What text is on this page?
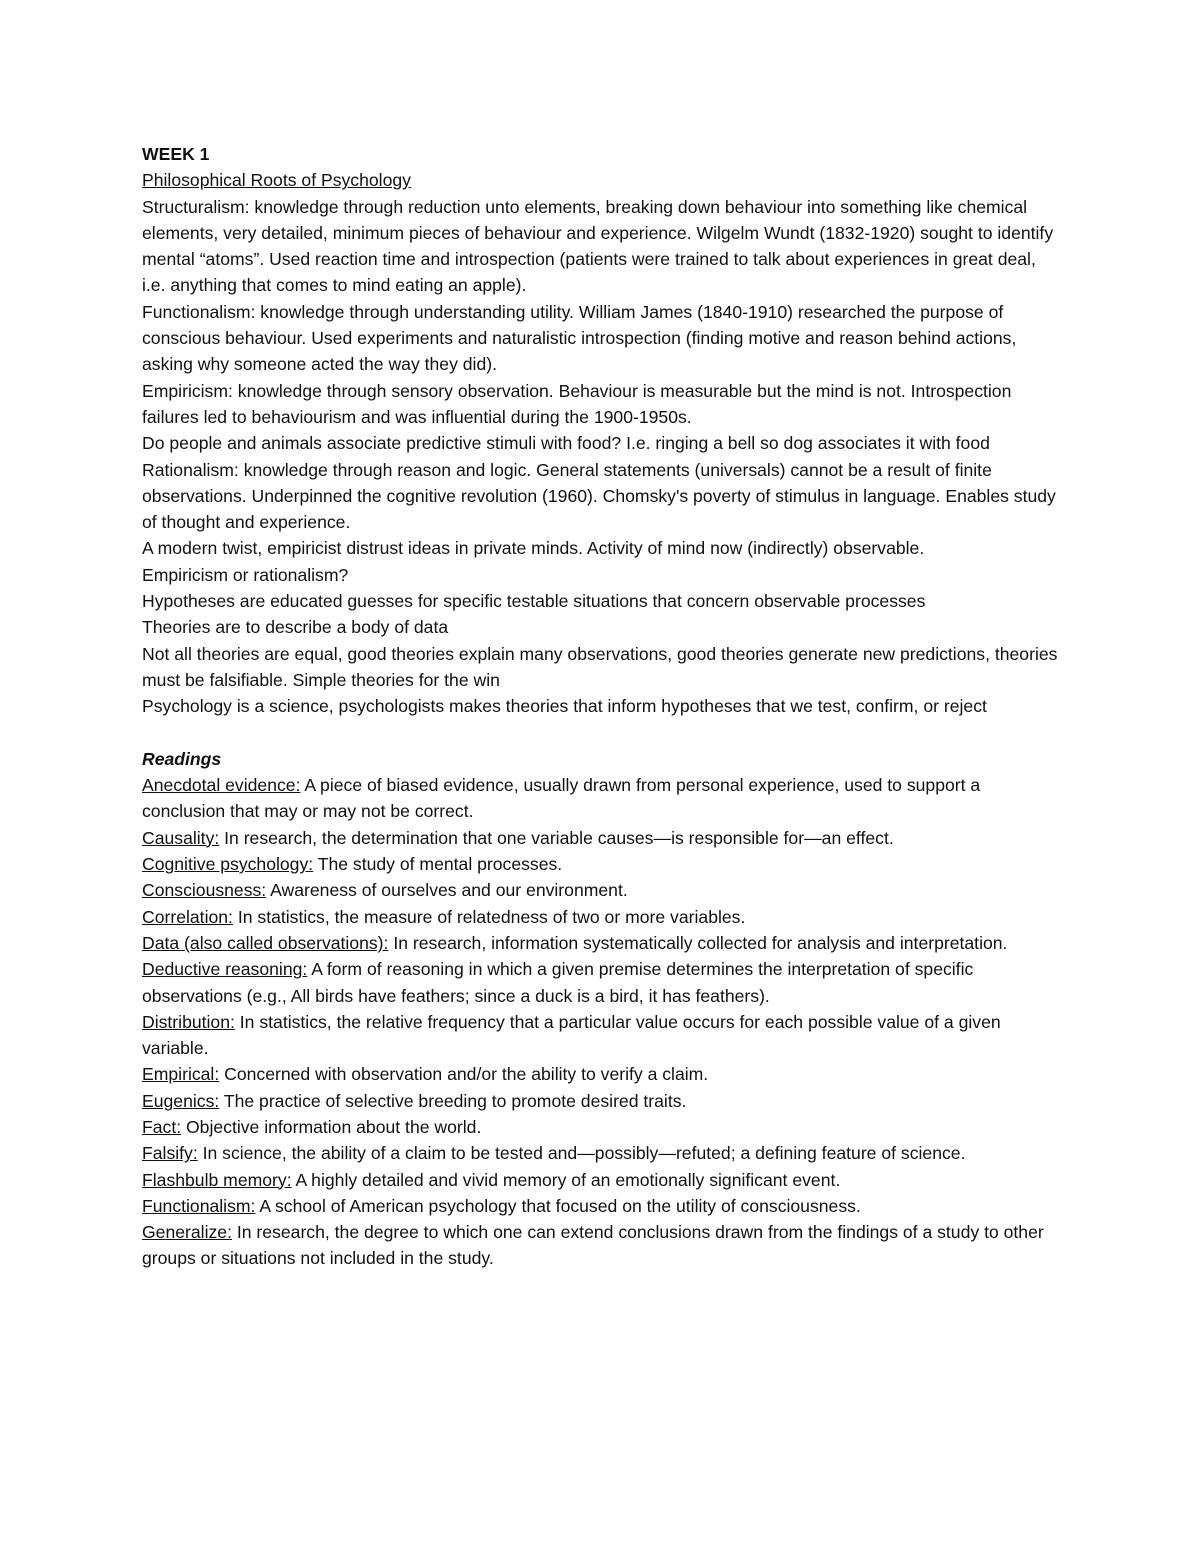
WEEK 1

Philosophical Roots of Psychology

Structuralism: knowledge through reduction unto elements, breaking down behaviour into something like chemical elements, very detailed, minimum pieces of behaviour and experience. Wilgelm Wundt (1832-1920) sought to identify mental “atoms”. Used reaction time and introspection (patients were trained to talk about experiences in great deal, i.e. anything that comes to mind eating an apple).

Functionalism: knowledge through understanding utility. William James (1840-1910) researched the purpose of conscious behaviour. Used experiments and naturalistic introspection (finding motive and reason behind actions, asking why someone acted the way they did).

Empiricism: knowledge through sensory observation. Behaviour is measurable but the mind is not. Introspection failures led to behaviourism and was influential during the 1900-1950s.

Do people and animals associate predictive stimuli with food? I.e. ringing a bell so dog associates it with food

Rationalism: knowledge through reason and logic. General statements (universals) cannot be a result of finite observations. Underpinned the cognitive revolution (1960). Chomsky's poverty of stimulus in language. Enables study of thought and experience.

A modern twist, empiricist distrust ideas in private minds. Activity of mind now (indirectly) observable.

Empiricism or rationalism?

Hypotheses are educated guesses for specific testable situations that concern observable processes

Theories are to describe a body of data

Not all theories are equal, good theories explain many observations, good theories generate new predictions, theories must be falsifiable. Simple theories for the win

Psychology is a science, psychologists makes theories that inform hypotheses that we test, confirm, or reject

Readings

Anecdotal evidence: A piece of biased evidence, usually drawn from personal experience, used to support a conclusion that may or may not be correct.

Causality: In research, the determination that one variable causes—is responsible for—an effect.

Cognitive psychology: The study of mental processes.

Consciousness: Awareness of ourselves and our environment.

Correlation: In statistics, the measure of relatedness of two or more variables.

Data (also called observations): In research, information systematically collected for analysis and interpretation.

Deductive reasoning: A form of reasoning in which a given premise determines the interpretation of specific observations (e.g., All birds have feathers; since a duck is a bird, it has feathers).

Distribution: In statistics, the relative frequency that a particular value occurs for each possible value of a given variable.

Empirical: Concerned with observation and/or the ability to verify a claim.

Eugenics: The practice of selective breeding to promote desired traits.

Fact: Objective information about the world.

Falsify: In science, the ability of a claim to be tested and—possibly—refuted; a defining feature of science.

Flashbulb memory: A highly detailed and vivid memory of an emotionally significant event.

Functionalism: A school of American psychology that focused on the utility of consciousness.

Generalize: In research, the degree to which one can extend conclusions drawn from the findings of a study to other groups or situations not included in the study.
